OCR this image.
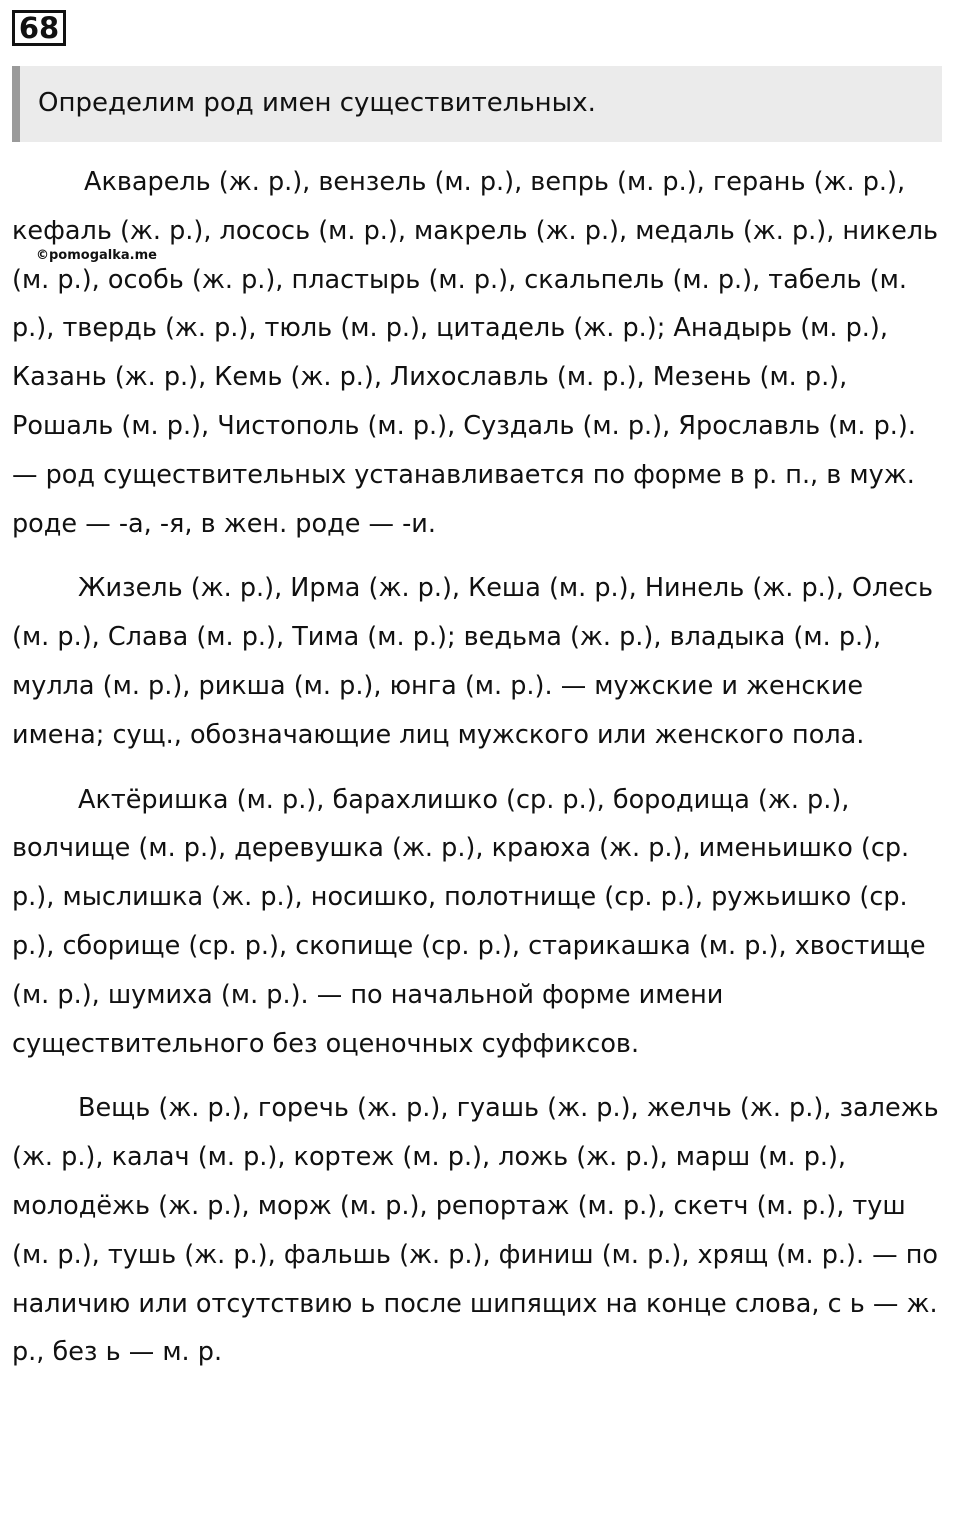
68
Определим род имен существительных.

Акварель (ж. р.), вензель (м. р.), вепрь (м. р.), герань (ж. р.), кефаль (ж. р.), лосось (м. р.), макрель (ж. р.), медаль (ж. р.), никель (м. р.), особь (ж. р.), пластырь (м. р.), скальпель (м. р.), табель (м. р.), твердь (ж. р.), тюль (м. р.), цитадель (ж. р.); Анадырь (м. р.), Казань (ж. р.), Кемь (ж. р.), Лихославль (м. р.), Мезень (м. р.), Рошаль (м. р.), Чистополь (м. р.), Суздаль (м. р.), Ярославль (м. р.). — род существительных устанавливается по форме в р. п., в муж. роде — -а, -я, в жен. роде — -и.

Жизель (ж. р.), Ирма (ж. р.), Кеша (м. р.), Нинель (ж. р.), Олесь (м. р.), Слава (м. р.), Тима (м. р.); ведьма (ж. р.), владыка (м. р.), мулла (м. р.), рикша (м. р.), юнга (м. р.). — мужские и женские имена; сущ., обозначающие лиц мужского или женского пола.

Актёришка (м. р.), барахлишко (ср. р.), бородища (ж. р.), волчище (м. р.), деревушка (ж. р.), краюха (ж. р.), именьишко (ср. р.), мыслишка (ж. р.), носишко, полотнище (ср. р.), ружьишко (ср. р.), сборище (ср. р.), скопище (ср. р.), старикашка (м. р.), хвостище (м. р.), шумиха (м. р.). — по начальной форме имени существительного без оценочных суффиксов.

Вещь (ж. р.), горечь (ж. р.), гуашь (ж. р.), желчь (ж. р.), залежь (ж. р.), калач (м. р.), кортеж (м. р.), ложь (ж. р.), марш (м. р.), молодёжь (ж. р.), морж (м. р.), репортаж (м. р.), скетч (м. р.), туш (м. р.), тушь (ж. р.), фальшь (ж. р.), финиш (м. р.), хрящ (м. р.). — по наличию или отсутствию ь после шипящих на конце слова, с ь — ж. р., без ь — м. р.

©pomogalka.me
